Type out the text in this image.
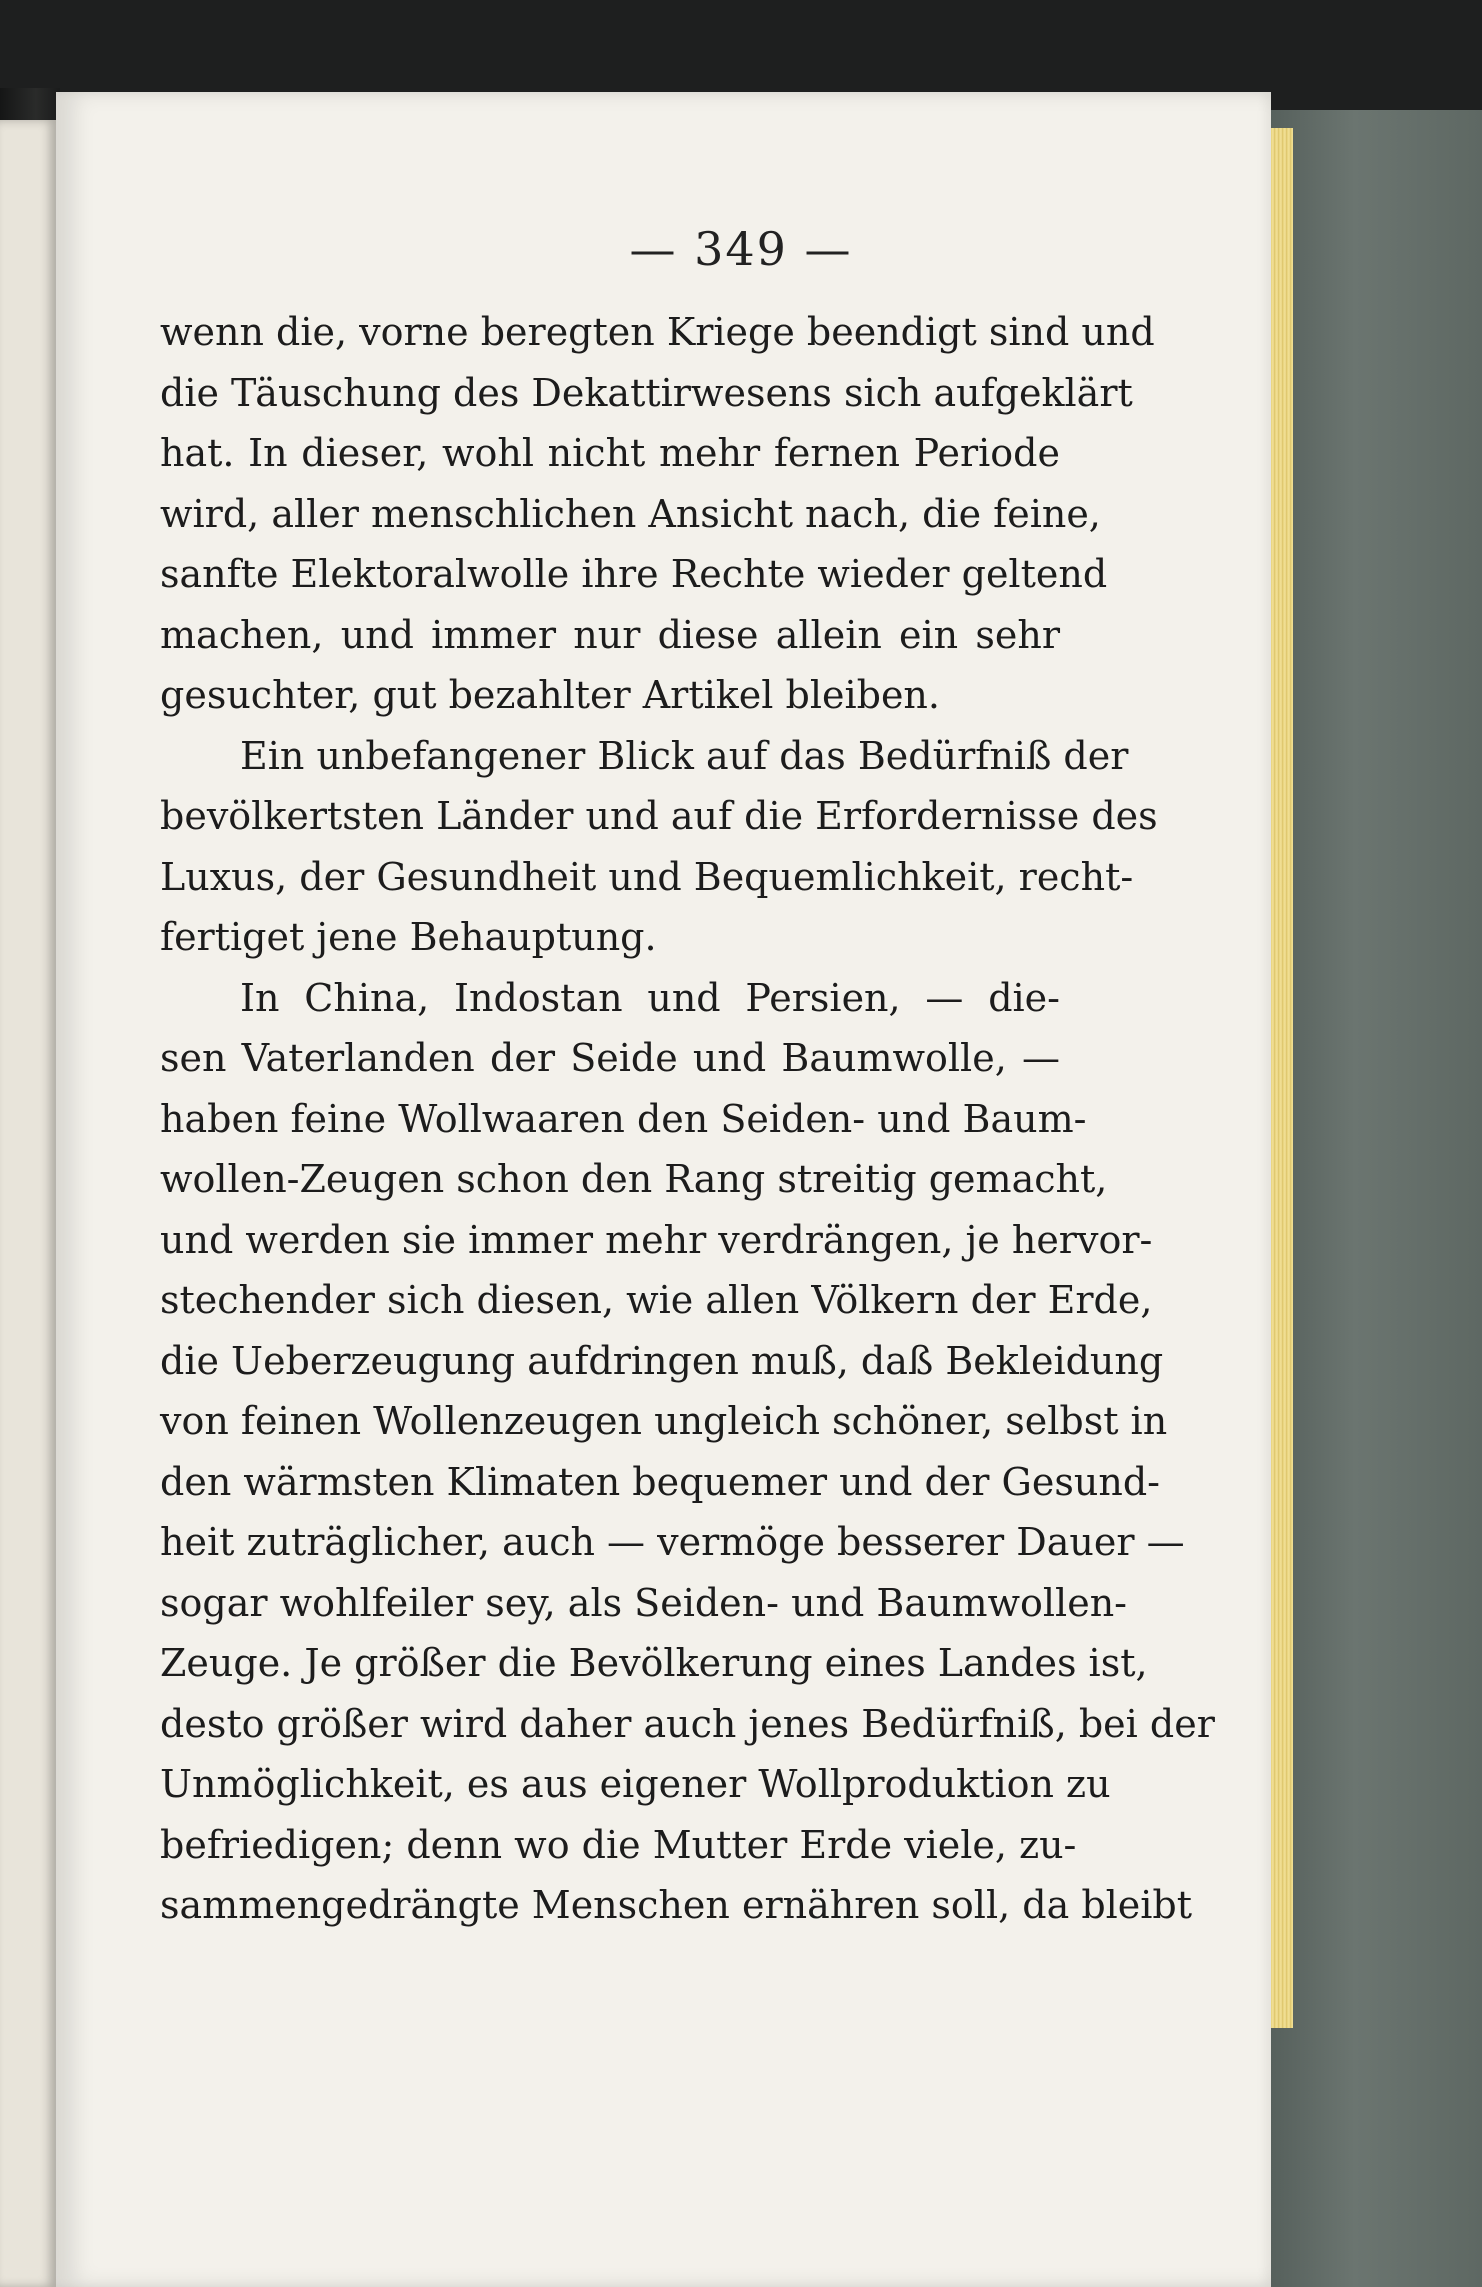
— 349 —
wenn die, vorne beregten Kriege beendigt sind und
die Täuschung des Dekattirwesens sich aufgeklärt
hat. In dieser, wohl nicht mehr fernen Periode
wird, aller menschlichen Ansicht nach, die feine,
sanfte Elektoralwolle ihre Rechte wieder geltend
machen, und immer nur diese allein ein sehr
gesuchter, gut bezahlter Artikel bleiben.
Ein unbefangener Blick auf das Bedürfniß der
bevölkertsten Länder und auf die Erfordernisse des
Luxus, der Gesundheit und Bequemlichkeit, recht-
fertiget jene Behauptung.
In China, Indostan und Persien, — die-
sen Vaterlanden der Seide und Baumwolle, —
haben feine Wollwaaren den Seiden- und Baum-
wollen-Zeugen schon den Rang streitig gemacht,
und werden sie immer mehr verdrängen, je hervor-
stechender sich diesen, wie allen Völkern der Erde,
die Ueberzeugung aufdringen muß, daß Bekleidung
von feinen Wollenzeugen ungleich schöner, selbst in
den wärmsten Klimaten bequemer und der Gesund-
heit zuträglicher, auch — vermöge besserer Dauer —
sogar wohlfeiler sey, als Seiden- und Baumwollen-
Zeuge. Je größer die Bevölkerung eines Landes ist,
desto größer wird daher auch jenes Bedürfniß, bei der
Unmöglichkeit, es aus eigener Wollproduktion zu
befriedigen; denn wo die Mutter Erde viele, zu-
sammengedrängte Menschen ernähren soll, da bleibt
